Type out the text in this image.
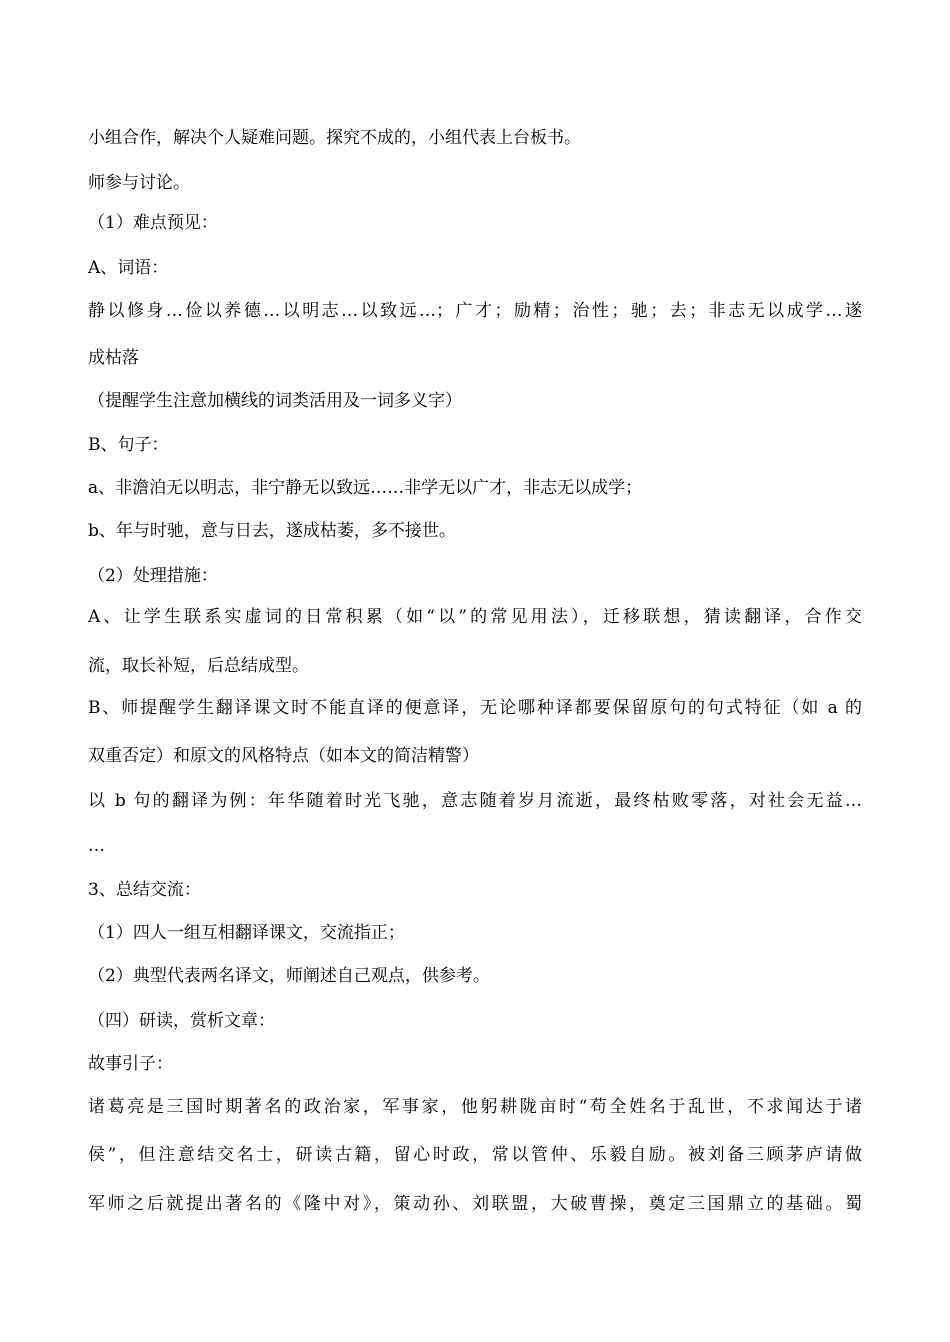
小组合作，解决个人疑难问题。探究不成的，小组代表上台板书。
师参与讨论。
（1）难点预见：
A、词语：
静以修身…俭以养德…以明志…以致远…；广才；励精；治性；驰；去；非志无以成学…遂
成枯落
（提醒学生注意加横线的词类活用及一词多义字）
B、句子：
a、非澹泊无以明志，非宁静无以致远……非学无以广才，非志无以成学；
b、年与时驰，意与日去，遂成枯萎，多不接世。
（2）处理措施：
A、让学生联系实虚词的日常积累（如“以”的常见用法），迁移联想，猜读翻译，合作交
流，取长补短，后总结成型。
B、师提醒学生翻译课文时不能直译的便意译，无论哪种译都要保留原句的句式特征（如 a 的
双重否定）和原文的风格特点（如本文的简洁精警）
以 b 句的翻译为例：年华随着时光飞驰，意志随着岁月流逝，最终枯败零落，对社会无益…
…
3、总结交流：
（1）四人一组互相翻译课文，交流指正；
（2）典型代表两名译文，师阐述自己观点，供参考。
（四）研读，赏析文章：
故事引子：
诸葛亮是三国时期著名的政治家，军事家，他躬耕陇亩时“苟全姓名于乱世，不求闻达于诸
侯”，但注意结交名士，研读古籍，留心时政，常以管仲、乐毅自励。被刘备三顾茅庐请做
军师之后就提出著名的《隆中对》，策动孙、刘联盟，大破曹操，奠定三国鼎立的基础。蜀
